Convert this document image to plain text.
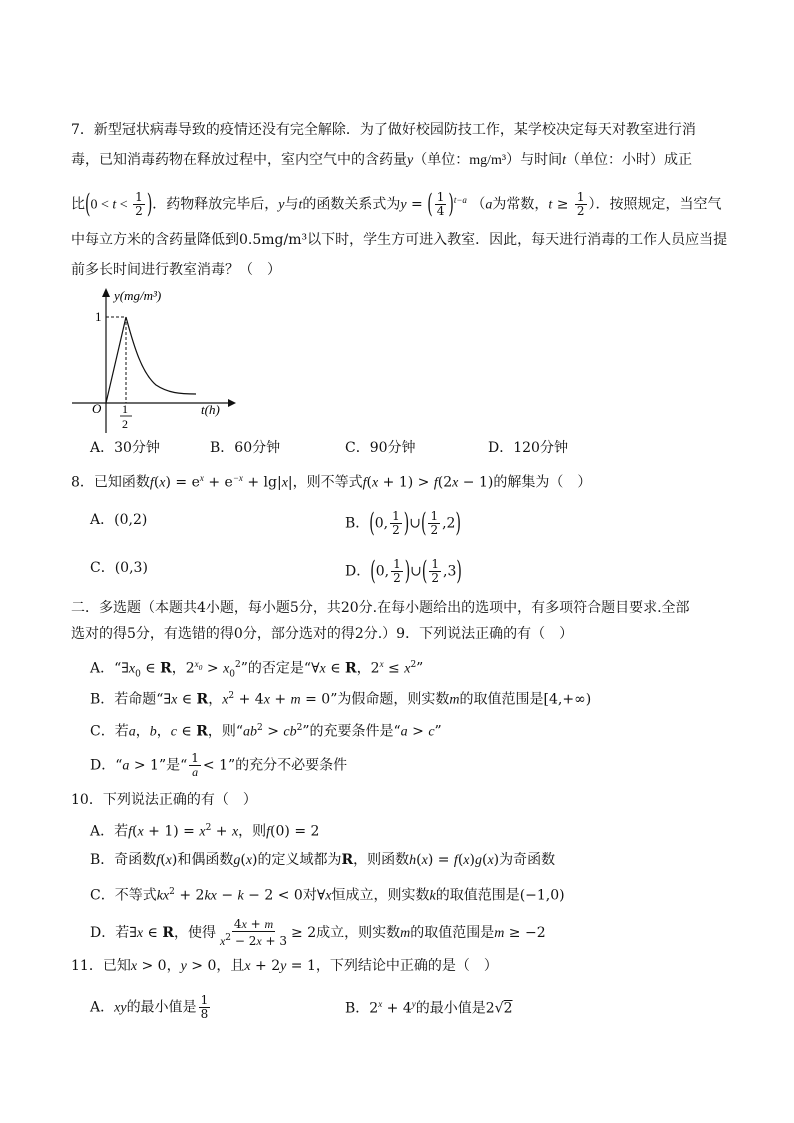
7．新型冠状病毒导致的疫情还没有完全解除．为了做好校园防技工作，某学校决定每天对教室进行消
毒，已知消毒药物在释放过程中，室内空气中的含药量y（单位：mg/m³）与时间t（单位：小时）成正
比($0 < t < \frac{1}{2}$ )．药物释放完毕后，y与t的函数关系式为y = ( $\frac{1}{4} )^{t-a}$ （a为常数，$t \ge \frac{1}{2}$ ）．按照规定，当空气
中每立方米的含药量降低到0.5mg/m³以下时，学生方可进入教室．因此，每天进行消毒的工作人员应当提
前多长时间进行教室消毒？（　）
y(mg/m³)
1
O 1
2
t(h)
A．30分钟	B．60分钟	C．90分钟	D．120分钟
8．已知函数$f(x) = e^x + e^{-x} + \lg|x|$，则不等式f(x + 1) > f(2x − 1)的解集为（　）
A．(0,2)	B．(0, $\frac{1}{2}$ )∪( $\frac{1}{2} ,2$)
C．(0,3)	D．(0, $\frac{1}{2}$ )∪( $\frac{1}{2} ,3$)
二．多选题（本题共4小题，每小题5分，共20分.在每小题给出的选项中，有多项符合题目要求.全部
选对的得5分，有选错的得0分，部分选对的得2分.）9．下列说法正确的有（　）
A．“$\exists x_0$ ∈ R，$2^{x_0} > x_0^2$”的否定是“∀x ∈ R，$2^x \le x^2$”
B．若命题“∃x ∈ R，$x^2 + 4x + m = 0$”为假命题，则实数m的取值范围是[4,+∞)
C．若a，b，c ∈ R，则“$ab^2 > cb^2$”的充要条件是“a > c”
D．“a > 1”是“ $\frac{1}{a} < 1$”的充分不必要条件
10．下列说法正确的有（　）
A．若$f(x + 1) = x^2 + x$，则f(0) = 2
B．奇函数f(x)和偶函数g(x)的定义域都为R，则函数h(x) = f(x)g(x)为奇函数
C．不等式$kx^2 + 2kx - k - 2 < 0$对∀x恒成立，则实数k的取值范围是(−1,0)
D．若∃x ∈ R，使得 $\frac{4x + m}{x^2 - 2x + 3} \ge 2$成立，则实数m的取值范围是m ≥ −2
11．已知x > 0，y > 0，且x + 2y = 1，下列结论中正确的是（　）
A．xy的最小值是 $\frac{1}{8}$	B．$2^x + 4^y$的最小值是2√2
